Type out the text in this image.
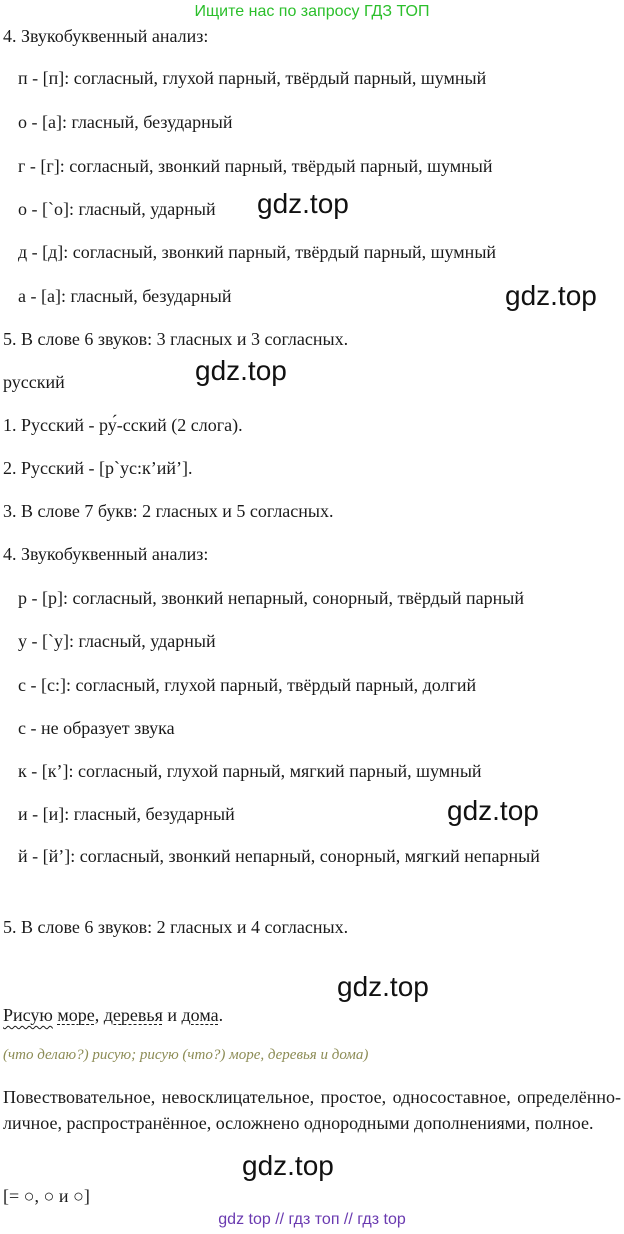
Ищите нас по запросу ГДЗ ТОП
4. Звукобуквенный анализ:
п - [п]: согласный, глухой парный, твёрдый парный, шумный
о - [а]: гласный, безударный
г - [г]: согласный, звонкий парный, твёрдый парный, шумный
о - [`о]: гласный, ударный
д - [д]: согласный, звонкий парный, твёрдый парный, шумный
а - [а]: гласный, безударный
5. В слове 6 звуков: 3 гласных и 3 согласных.
русский
1. Русский - ру́-сский (2 слога).
2. Русский - [р`ус:к’ий’].
3. В слове 7 букв: 2 гласных и 5 согласных.
4. Звукобуквенный анализ:
р - [р]: согласный, звонкий непарный, сонорный, твёрдый парный
у - [`у]: гласный, ударный
с - [с:]: согласный, глухой парный, твёрдый парный, долгий
с - не образует звука
к - [к’]: согласный, глухой парный, мягкий парный, шумный
и - [и]: гласный, безударный
й - [й’]: согласный, звонкий непарный, сонорный, мягкий непарный
5. В слове 6 звуков: 2 гласных и 4 согласных.
Рисую море, деревья и дома.
(что делаю?) рисую; рисую (что?) море, деревья и дома)
Повествовательное, невосклицательное, простое, односоставное, определённо-личное, распространённое, осложнено однородными дополнениями, полное.
[= ○, ○ и ○]
gdz.top
gdz.top
gdz.top
gdz.top
gdz.top
gdz.top
gdz top // гдз топ // гдз top
